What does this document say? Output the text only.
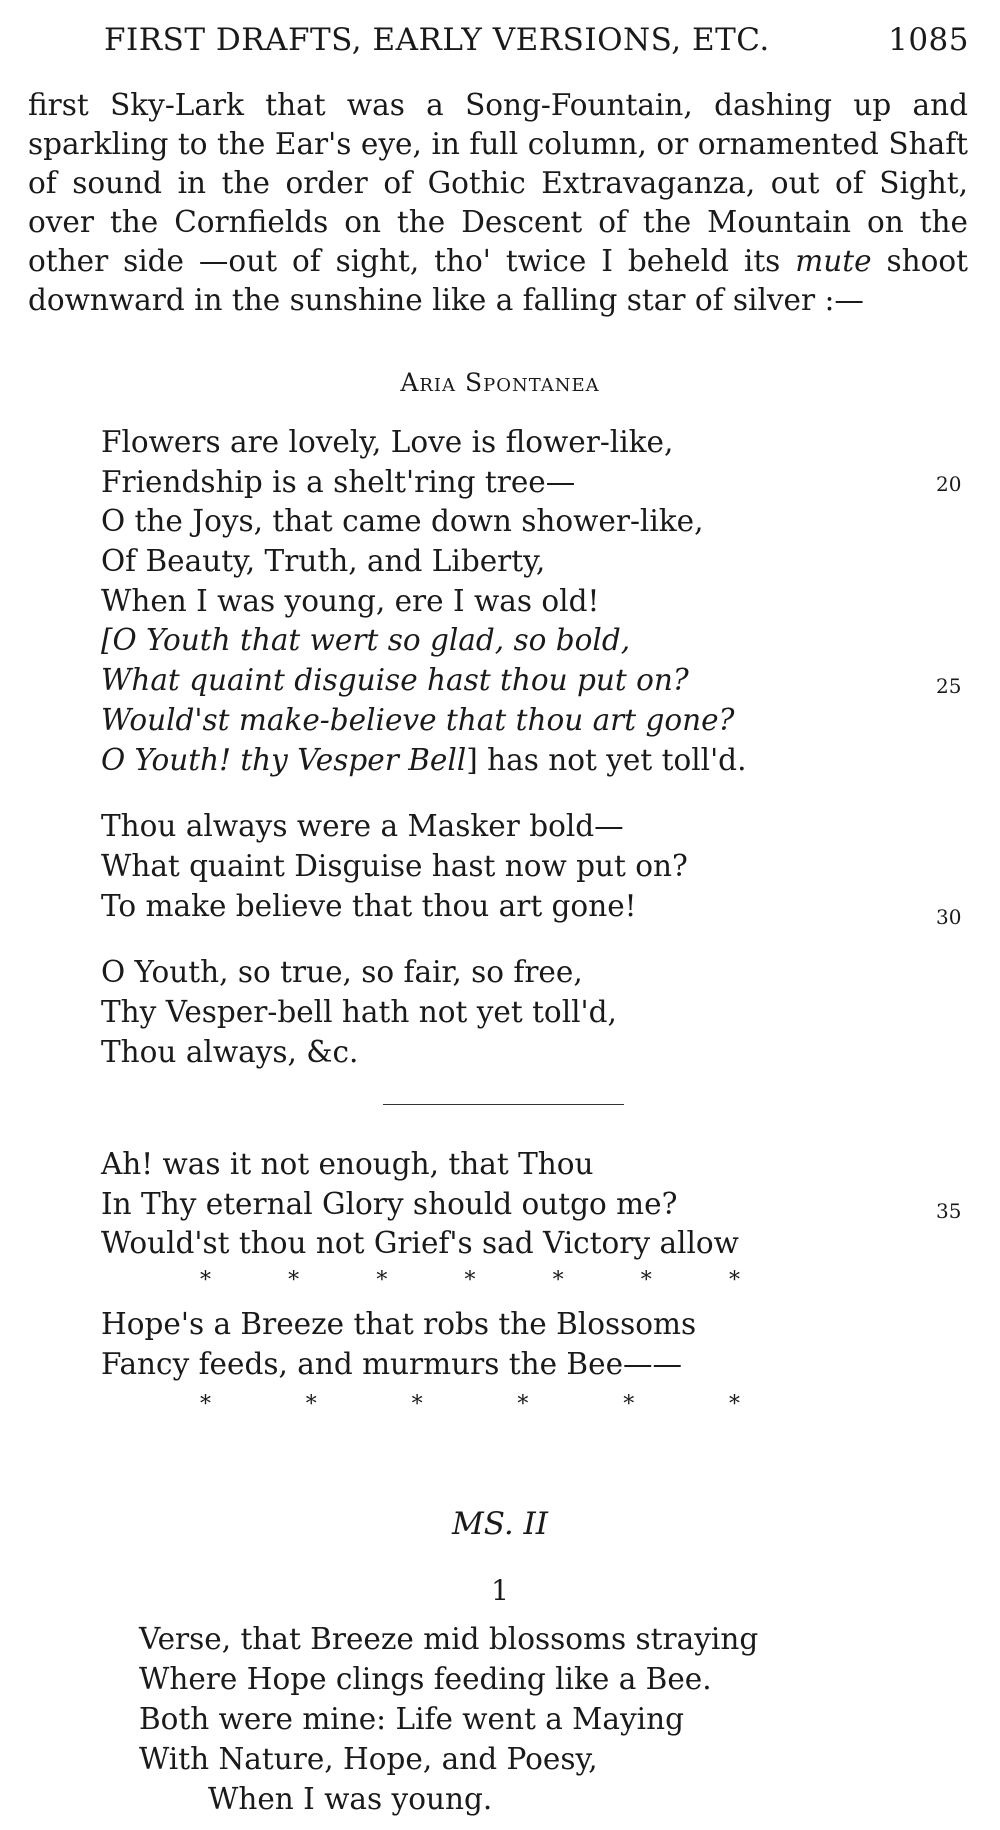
FIRST DRAFTS, EARLY VERSIONS, ETC.	1085

first Sky-Lark that was a Song-Fountain, dashing up and sparkling to the Ear's eye, in full column, or ornamented Shaft of sound in the order of Gothic Extravaganza, out of Sight, over the Cornfields on the Descent of the Mountain on the other side —out of sight, tho' twice I beheld its mute shoot downward in the sunshine like a falling star of silver :—

Aria Spontanea
Flowers are lovely, Love is flower-like,
Friendship is a shelt'ring tree—
O the Joys, that came down shower-like,
Of Beauty, Truth, and Liberty,
When I was young, ere I was old!
[O Youth that wert so glad, so bold,
What quaint disguise hast thou put on?
Would'st make-believe that thou art gone?
O Youth! thy Vesper Bell] has not yet toll'd.
Thou always were a Masker bold—
What quaint Disguise hast now put on?
To make believe that thou art gone!
O Youth, so true, so fair, so free,
Thy Vesper-bell hath not yet toll'd,
Thou always, &c.
20
25
30
35
Ah! was it not enough, that Thou
In Thy eternal Glory should outgo me?
Would'st thou not Grief's sad Victory allow
*	*	*	*	*	*	*
Hope's a Breeze that robs the Blossoms
Fancy feeds, and murmurs the Bee——
*	*	*	*	*	*
MS. II
1
Verse, that Breeze mid blossoms straying
Where Hope clings feeding like a Bee.
Both were mine: Life went a Maying
With Nature, Hope, and Poesy,
When I was young.
